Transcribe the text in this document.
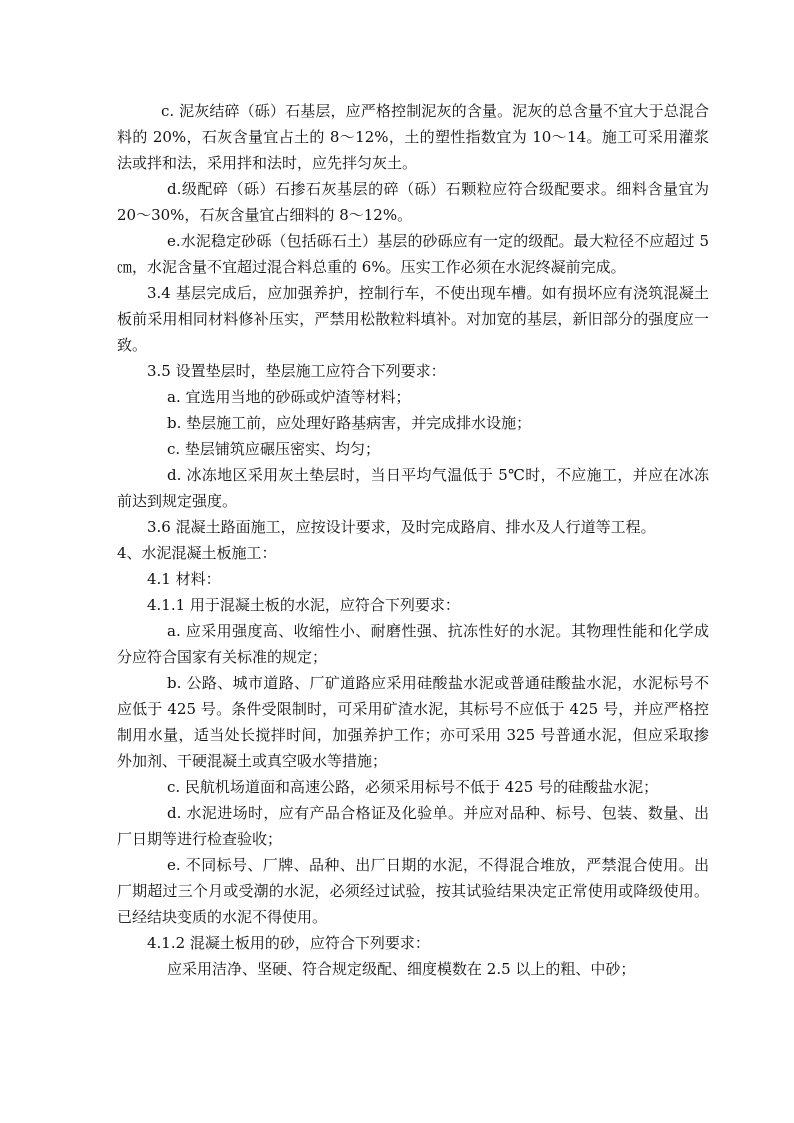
c. 泥灰结碎（砾）石基层，应严格控制泥灰的含量。泥灰的总含量不宜大于总混合料的 20%，石灰含量宜占土的 8～12%，土的塑性指数宜为 10～14。施工可采用灌浆法或拌和法，采用拌和法时，应先拌匀灰土。

d.级配碎（砾）石掺石灰基层的碎（砾）石颗粒应符合级配要求。细料含量宜为 20～30%，石灰含量宜占细料的 8～12%。

e.水泥稳定砂砾（包括砾石土）基层的砂砾应有一定的级配。最大粒径不应超过 5㎝，水泥含量不宜超过混合料总重的 6%。压实工作必须在水泥终凝前完成。

3.4 基层完成后，应加强养护，控制行车，不使出现车槽。如有损坏应有浇筑混凝土板前采用相同材料修补压实，严禁用松散粒料填补。对加宽的基层，新旧部分的强度应一致。

3.5 设置垫层时，垫层施工应符合下列要求：

a. 宜选用当地的砂砾或炉渣等材料；

b. 垫层施工前，应处理好路基病害，并完成排水设施；

c. 垫层铺筑应碾压密实、均匀；

d. 冰冻地区采用灰土垫层时，当日平均气温低于 5℃时，不应施工，并应在冰冻前达到规定强度。

3.6 混凝土路面施工，应按设计要求，及时完成路肩、排水及人行道等工程。

4、水泥混凝土板施工：

4.1 材料：

4.1.1 用于混凝土板的水泥，应符合下列要求：

a. 应采用强度高、收缩性小、耐磨性强、抗冻性好的水泥。其物理性能和化学成分应符合国家有关标准的规定；

b. 公路、城市道路、厂矿道路应采用硅酸盐水泥或普通硅酸盐水泥，水泥标号不应低于 425 号。条件受限制时，可采用矿渣水泥，其标号不应低于 425 号，并应严格控制用水量，适当处长搅拌时间，加强养护工作；亦可采用 325 号普通水泥，但应采取掺外加剂、干硬混凝土或真空吸水等措施；

c. 民航机场道面和高速公路，必须采用标号不低于 425 号的硅酸盐水泥；

d. 水泥进场时，应有产品合格证及化验单。并应对品种、标号、包装、数量、出厂日期等进行检查验收；

e. 不同标号、厂牌、品种、出厂日期的水泥，不得混合堆放，严禁混合使用。出厂期超过三个月或受潮的水泥，必须经过试验，按其试验结果决定正常使用或降级使用。已经结块变质的水泥不得使用。

4.1.2 混凝土板用的砂，应符合下列要求：

应采用洁净、坚硬、符合规定级配、细度模数在 2.5 以上的粗、中砂；
